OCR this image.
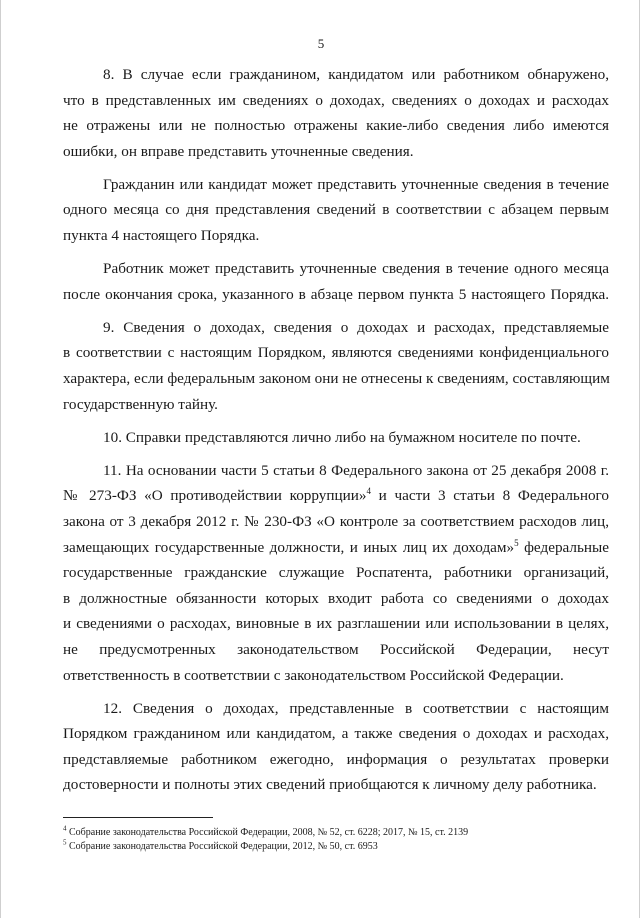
5
8. В случае если гражданином, кандидатом или работником обнаружено,
что в представленных им сведениях о доходах, сведениях о доходах и расходах
не отражены или не полностью отражены какие-либо сведения либо имеются
ошибки, он вправе представить уточненные сведения.
Гражданин или кандидат может представить уточненные сведения в течение
одного месяца со дня представления сведений в соответствии с абзацем первым
пункта 4 настоящего Порядка.
Работник может представить уточненные сведения в течение одного месяца
после окончания срока, указанного в абзаце первом пункта 5 настоящего Порядка.
9. Сведения о доходах, сведения о доходах и расходах, представляемые
в соответствии с настоящим Порядком, являются сведениями конфиденциального
характера, если федеральным законом они не отнесены к сведениям, составляющим
государственную тайну.
10. Справки представляются лично либо на бумажном носителе по почте.
11. На основании части 5 статьи 8 Федерального закона от 25 декабря 2008 г.
№ 273-ФЗ «О противодействии коррупции»$^4$ и части 3 статьи 8 Федерального
закона от 3 декабря 2012 г. № 230-ФЗ «О контроле за соответствием расходов лиц,
замещающих государственные должности, и иных лиц их доходам»$^5$ федеральные
государственные гражданские служащие Роспатента, работники организаций,
в должностные обязанности которых входит работа со сведениями о доходах
и сведениями о расходах, виновные в их разглашении или использовании в целях,
не предусмотренных законодательством Российской Федерации, несут
ответственность в соответствии с законодательством Российской Федерации.
12. Сведения о доходах, представленные в соответствии с настоящим
Порядком гражданином или кандидатом, а также сведения о доходах и расходах,
представляемые работником ежегодно, информация о результатах проверки
достоверности и полноты этих сведений приобщаются к личному делу работника.

$^4$ Собрание законодательства Российской Федерации, 2008, № 52, ст. 6228; 2017, № 15, ст. 2139

$^5$ Собрание законодательства Российской Федерации, 2012, № 50, ст. 6953
